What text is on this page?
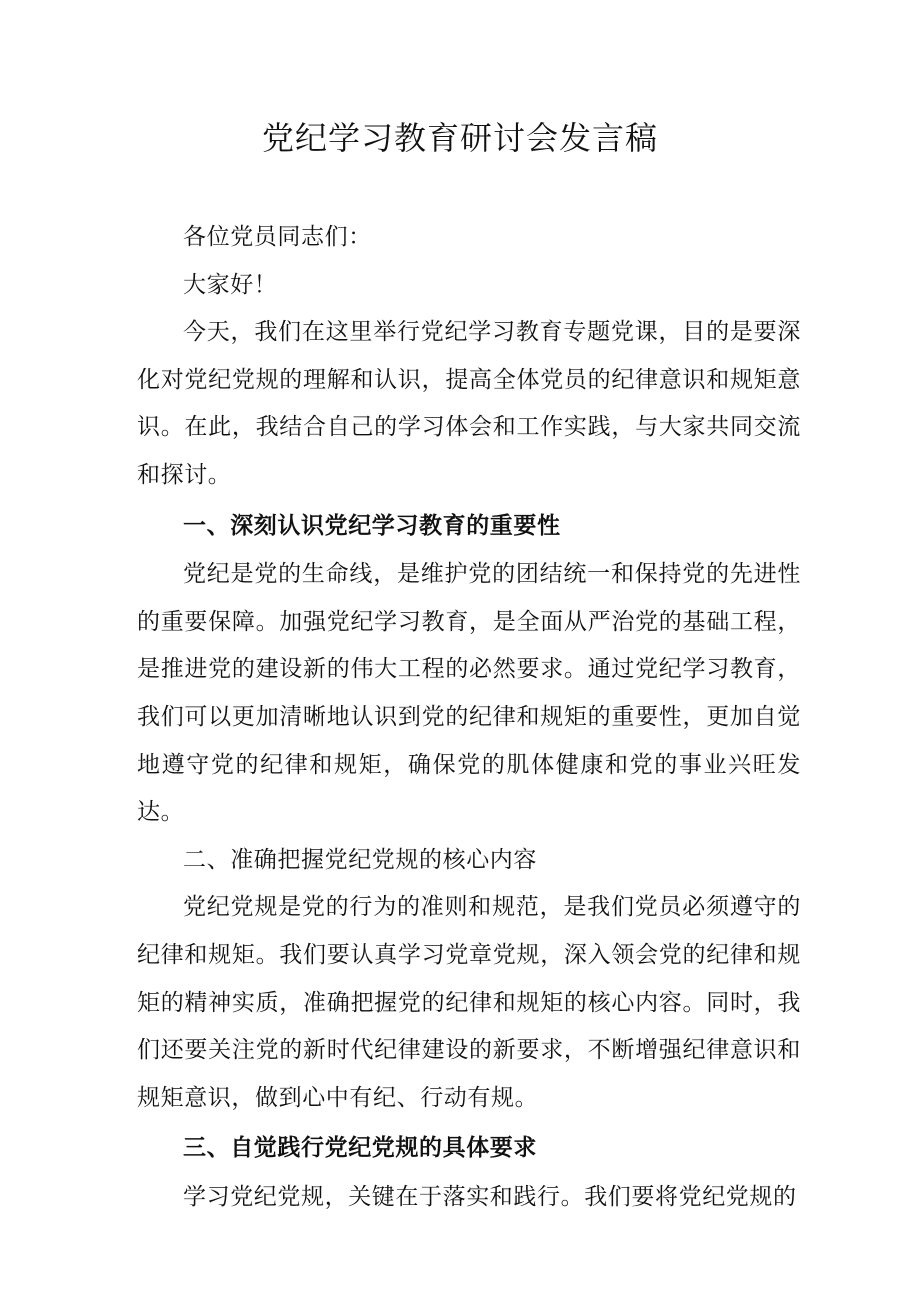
党纪学习教育研讨会发言稿

各位党员同志们：

大家好！

今天，我们在这里举行党纪学习教育专题党课，目的是要深化对党纪党规的理解和认识，提高全体党员的纪律意识和规矩意识。在此，我结合自己的学习体会和工作实践，与大家共同交流和探讨。

一、深刻认识党纪学习教育的重要性

党纪是党的生命线，是维护党的团结统一和保持党的先进性的重要保障。加强党纪学习教育，是全面从严治党的基础工程，是推进党的建设新的伟大工程的必然要求。通过党纪学习教育，我们可以更加清晰地认识到党的纪律和规矩的重要性，更加自觉地遵守党的纪律和规矩，确保党的肌体健康和党的事业兴旺发达。

二、准确把握党纪党规的核心内容

党纪党规是党的行为的准则和规范，是我们党员必须遵守的纪律和规矩。我们要认真学习党章党规，深入领会党的纪律和规矩的精神实质，准确把握党的纪律和规矩的核心内容。同时，我们还要关注党的新时代纪律建设的新要求，不断增强纪律意识和规矩意识，做到心中有纪、行动有规。

三、自觉践行党纪党规的具体要求

学习党纪党规，关键在于落实和践行。我们要将党纪党规的
